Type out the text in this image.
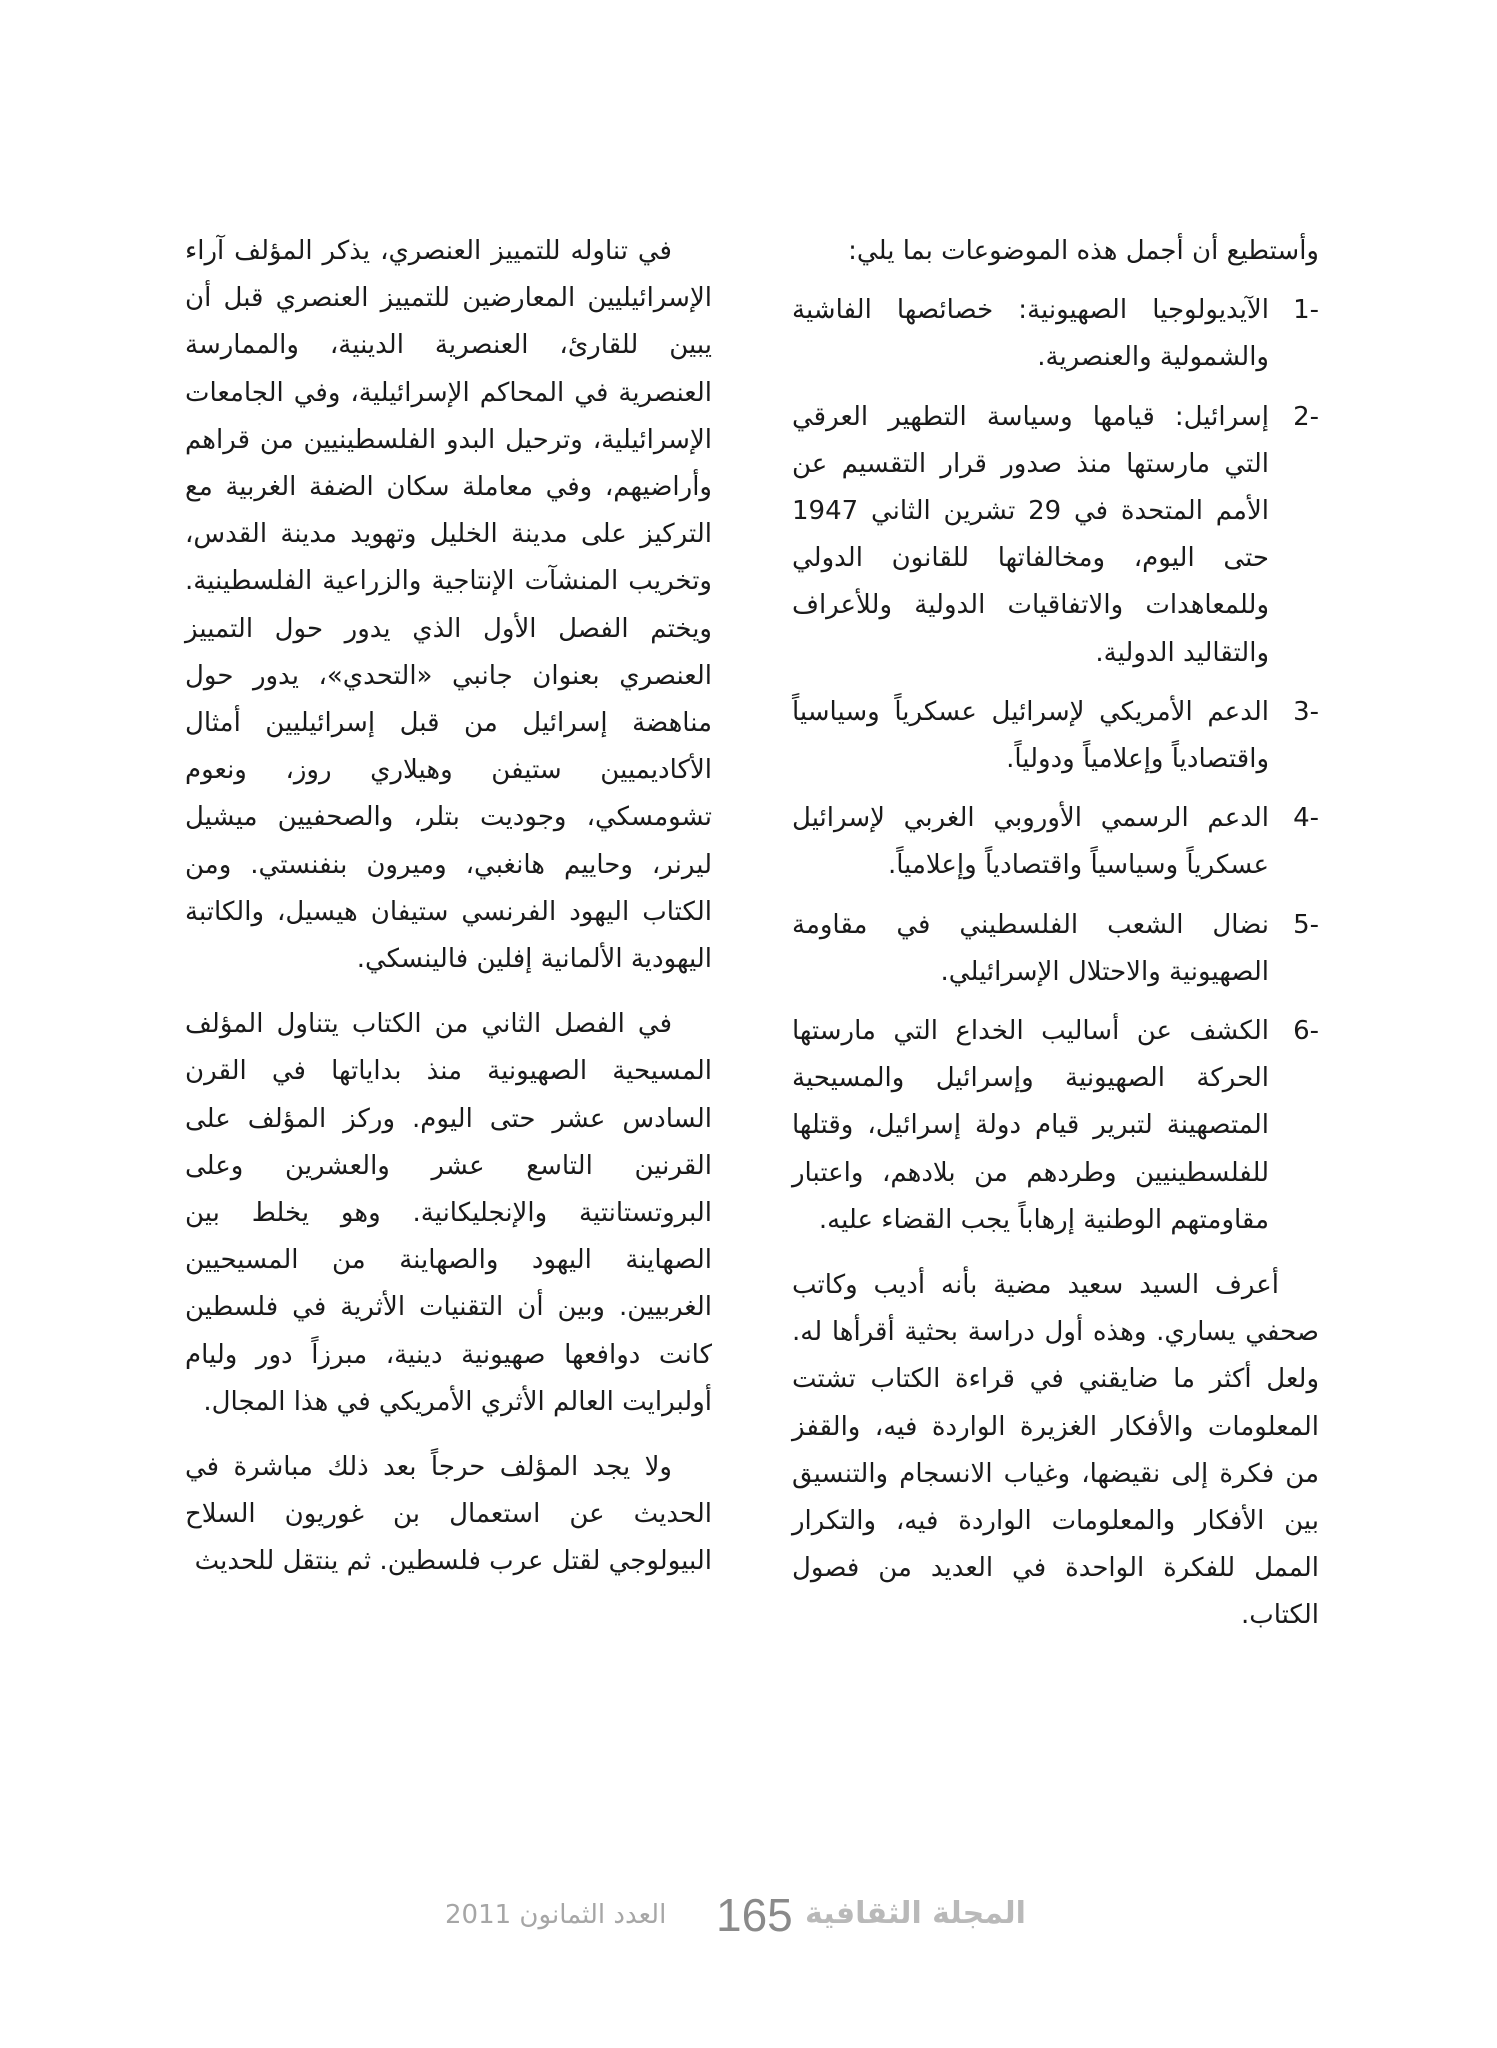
وأستطيع أن أجمل هذه الموضوعات بما يلي:

1-
الآيديولوجيا الصهيونية: خصائصها الفاشية والشمولية والعنصرية.
2-
إسرائيل: قيامها وسياسة التطهير العرقي التي مارستها منذ صدور قرار التقسيم عن الأمم المتحدة في 29 تشرين الثاني 1947 حتى اليوم، ومخالفاتها للقانون الدولي وللمعاهدات والاتفاقيات الدولية وللأعراف والتقاليد الدولية.
3-
الدعم الأمريكي لإسرائيل عسكرياً وسياسياً واقتصادياً وإعلامياً ودولياً.
4-
الدعم الرسمي الأوروبي الغربي لإسرائيل عسكرياً وسياسياً واقتصادياً وإعلامياً.
5-
نضال الشعب الفلسطيني في مقاومة الصهيونية والاحتلال الإسرائيلي.
6-
الكشف عن أساليب الخداع التي مارستها الحركة الصهيونية وإسرائيل والمسيحية المتصهينة لتبرير قيام دولة إسرائيل، وقتلها للفلسطينيين وطردهم من بلادهم، واعتبار مقاومتهم الوطنية إرهاباً يجب القضاء عليه.

أعرف السيد سعيد مضية بأنه أديب وكاتب صحفي يساري. وهذه أول دراسة بحثية أقرأها له. ولعل أكثر ما ضايقني في قراءة الكتاب تشتت المعلومات والأفكار الغزيرة الواردة فيه، والقفز من فكرة إلى نقيضها، وغياب الانسجام والتنسيق بين الأفكار والمعلومات الواردة فيه، والتكرار الممل للفكرة الواحدة في العديد من فصول الكتاب.

في تناوله للتمييز العنصري، يذكر المؤلف آراء الإسرائيليين المعارضين للتمييز العنصري قبل أن يبين للقارئ، العنصرية الدينية، والممارسة العنصرية في المحاكم الإسرائيلية، وفي الجامعات الإسرائيلية، وترحيل البدو الفلسطينيين من قراهم وأراضيهم، وفي معاملة سكان الضفة الغربية مع التركيز على مدينة الخليل وتهويد مدينة القدس، وتخريب المنشآت الإنتاجية والزراعية الفلسطينية. ويختم الفصل الأول الذي يدور حول التمييز العنصري بعنوان جانبي «التحدي»، يدور حول مناهضة إسرائيل من قبل إسرائيليين أمثال الأكاديميين ستيفن وهيلاري روز، ونعوم تشومسكي، وجوديت بتلر، والصحفيين ميشيل ليرنر، وحاييم هانغبي، وميرون بنفنستي. ومن الكتاب اليهود الفرنسي ستيفان هيسيل، والكاتبة اليهودية الألمانية إفلين فالينسكي.

في الفصل الثاني من الكتاب يتناول المؤلف المسيحية الصهيونية منذ بداياتها في القرن السادس عشر حتى اليوم. وركز المؤلف على القرنين التاسع عشر والعشرين وعلى البروتستانتية والإنجليكانية. وهو يخلط بين الصهاينة اليهود والصهاينة من المسيحيين الغربيين. وبين أن التقنيات الأثرية في فلسطين كانت دوافعها صهيونية دينية، مبرزاً دور وليام أولبرايت العالم الأثري الأمريكي في هذا المجال.

ولا يجد المؤلف حرجاً بعد ذلك مباشرة في الحديث عن استعمال بن غوريون السلاح البيولوجي لقتل عرب فلسطين. ثم ينتقل للحديث

المجلة الثقافية
165
العدد الثمانون 2011
